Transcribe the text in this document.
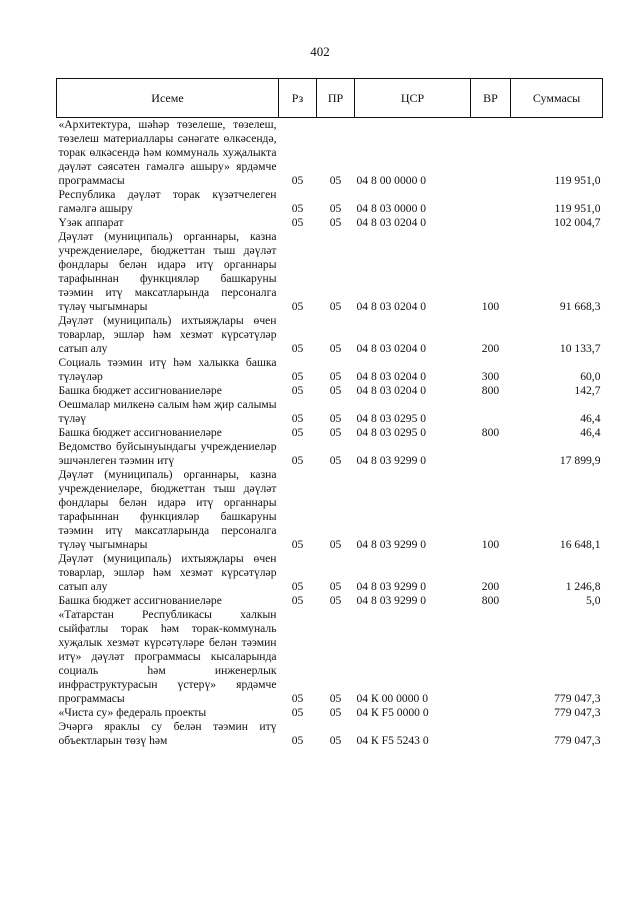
402
Исеме	Рз	ПР	ЦСР	ВР	Суммасы
«Архитектура, шәһәр төзелеше, төзелеш, төзелеш материаллары сәнәгате өлкәсендә, торак өлкәсендә һәм коммуналь хуҗалыкта дәүләт сәясәтен гамәлгә ашыру» ярдәмче программасы	05	05	04 8 00 0000 0		119 951,0
Республика дәүләт торак күзәтчелеген гамәлгә ашыру	05	05	04 8 03 0000 0		119 951,0
Үзәк аппарат	05	05	04 8 03 0204 0		102 004,7
Дәүләт (муниципаль) органнары, казна учреждениеләре, бюджеттан тыш дәүләт фондлары белән идарә итү органнары тарафыннан функцияләр башкаруны тәэмин итү максатларында персоналга түләү чыгымнары	05	05	04 8 03 0204 0	100	91 668,3
Дәүләт (муниципаль) ихтыяҗлары өчен товарлар, эшләр һәм хезмәт күрсәтүләр сатып алу	05	05	04 8 03 0204 0	200	10 133,7
Социаль тәэмин итү һәм халыкка башка түләүләр	05	05	04 8 03 0204 0	300	60,0
Башка бюджет ассигнованиеләре	05	05	04 8 03 0204 0	800	142,7
Оешмалар милкенә салым һәм җир салымы түләү	05	05	04 8 03 0295 0		46,4
Башка бюджет ассигнованиеләре	05	05	04 8 03 0295 0	800	46,4
Ведомство буйсынуындагы учреждениеләр эшчәнлеген тәэмин итү	05	05	04 8 03 9299 0		17 899,9
Дәүләт (муниципаль) органнары, казна учреждениеләре, бюджеттан тыш дәүләт фондлары белән идарә итү органнары тарафыннан функцияләр башкаруны тәэмин итү максатларында персоналга түләү чыгымнары	05	05	04 8 03 9299 0	100	16 648,1
Дәүләт (муниципаль) ихтыяҗлары өчен товарлар, эшләр һәм хезмәт күрсәтүләр сатып алу	05	05	04 8 03 9299 0	200	1 246,8
Башка бюджет ассигнованиеләре	05	05	04 8 03 9299 0	800	5,0
«Татарстан Республикасы халкын сыйфатлы торак һәм торак-коммуналь хуҗалык хезмәт күрсәтүләре белән тәэмин итү» дәүләт программасы кысаларында социаль һәм инженерлык инфраструктурасын үстерү» ярдәмче программасы	05	05	04 К 00 0000 0		779 047,3
«Чиста су» федераль проекты	05	05	04 К F5 0000 0		779 047,3
Эчәргә яраклы су белән тәэмин итү объектларын төзү һәм	05	05	04 К F5 5243 0		779 047,3
